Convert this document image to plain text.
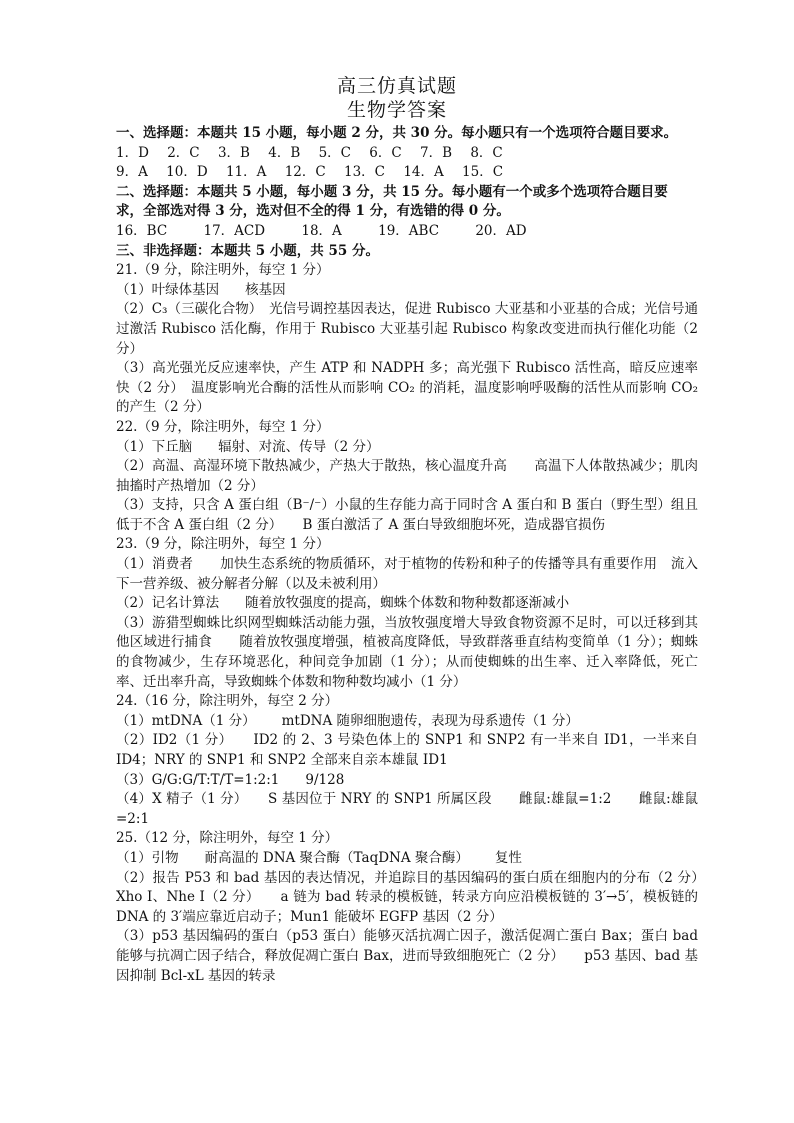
高三仿真试题
生物学答案
一、选择题：本题共 15 小题，每小题 2 分，共 30 分。每小题只有一个选项符合题目要求。
1．D 2．C 3．B 4．B 5．C 6．C 7．B 8．C
9．A 10．D 11．A 12．C 13．C 14．A 15．C
二、选择题：本题共 5 小题，每小题 3 分，共 15 分。每小题有一个或多个选项符合题目要
求，全部选对得 3 分，选对但不全的得 1 分，有选错的得 0 分。
16．BC	17．ACD	18．A	19．ABC	20．AD
三、非选择题：本题共 5 小题，共 55 分。
21.（9 分，除注明外，每空 1 分）
（1）叶绿体基因 核基因
（2）C₃（三碳化合物）　光信号调控基因表达，促进 Rubisco 大亚基和小亚基的合成；光信号通过激活 Rubisco 活化酶，作用于 Rubisco 大亚基引起 Rubisco 构象改变进而执行催化功能（2 分）
（3）高光强光反应速率快，产生 ATP 和 NADPH 多；高光强下 Rubisco 活性高，暗反应速率快（2 分）　温度影响光合酶的活性从而影响 CO₂ 的消耗，温度影响呼吸酶的活性从而影响 CO₂ 的产生（2 分）
22.（9 分，除注明外，每空 1 分）
（1）下丘脑 辐射、对流、传导（2 分）
（2）高温、高湿环境下散热减少，产热大于散热，核心温度升高　　高温下人体散热减少；肌肉抽搐时产热增加（2 分）
（3）支持，只含 A 蛋白组（B⁻/⁻）小鼠的生存能力高于同时含 A 蛋白和 B 蛋白（野生型）组且低于不含 A 蛋白组（2 分）　　B 蛋白激活了 A 蛋白导致细胞坏死，造成器官损伤
23.（9 分，除注明外，每空 1 分）
（1）消费者　　加快生态系统的物质循环，对于植物的传粉和种子的传播等具有重要作用　流入下一营养级、被分解者分解（以及未被利用）
（2）记名计算法 随着放牧强度的提高，蜘蛛个体数和物种数都逐渐减小
（3）游猎型蜘蛛比织网型蜘蛛活动能力强，当放牧强度增大导致食物资源不足时，可以迁移到其他区域进行捕食　　随着放牧强度增强，植被高度降低，导致群落垂直结构变简单（1 分）；蜘蛛的食物减少，生存环境恶化，种间竞争加剧（1 分）；从而使蜘蛛的出生率、迁入率降低，死亡率、迁出率升高，导致蜘蛛个体数和物种数均减小（1 分）
24.（16 分，除注明外，每空 2 分）
（1）mtDNA（1 分） mtDNA 随卵细胞遗传，表现为母系遗传（1 分）
（2）ID2（1 分）　　ID2 的 2、3 号染色体上的 SNP1 和 SNP2 有一半来自 ID1，一半来自 ID4；NRY 的 SNP1 和 SNP2 全部来自亲本雄鼠 ID1
（3）G/G:G/T:T/T=1:2:1 9/128
（4）X 精子（1 分）　　S 基因位于 NRY 的 SNP1 所属区段　　雌鼠:雄鼠=1:2　　雌鼠:雄鼠=2:1
25.（12 分，除注明外，每空 1 分）
（1）引物 耐高温的 DNA 聚合酶（TaqDNA 聚合酶） 复性
（2）报告 P53 和 bad 基因的表达情况，并追踪目的基因编码的蛋白质在细胞内的分布（2 分）　Xho Ⅰ、Nhe Ⅰ（2 分）　　a 链为 bad 转录的模板链，转录方向应沿模板链的 3′→5′，模板链的 DNA 的 3′端应靠近启动子；Mun1 能破坏 EGFP 基因（2 分）
（3）p53 基因编码的蛋白（p53 蛋白）能够灭活抗凋亡因子，激活促凋亡蛋白 Bax；蛋白 bad 能够与抗凋亡因子结合，释放促凋亡蛋白 Bax，进而导致细胞死亡（2 分）　　p53 基因、bad 基因抑制 Bcl-xL 基因的转录
